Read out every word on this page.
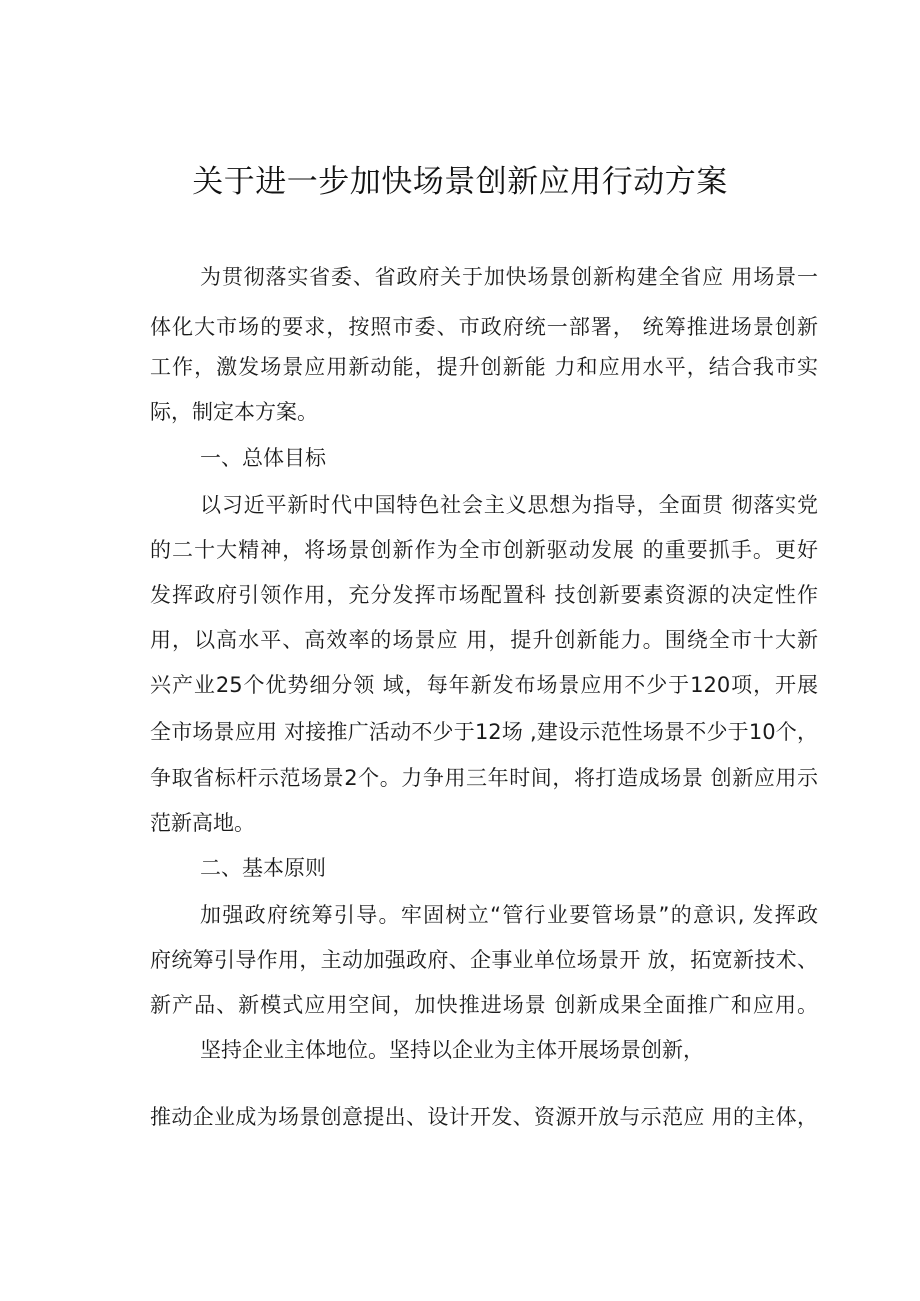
关于进一步加快场景创新应用行动方案
为贯彻落实省委、省政府关于加快场景创新构建全省应 用场景一
体化大市场的要求，按照市委、市政府统一部署， 统筹推进场景创新
工作，激发场景应用新动能，提升创新能 力和应用水平，结合我市实
际，制定本方案。
一、总体目标
以习近平新时代中国特色社会主义思想为指导，全面贯 彻落实党
的二十大精神，将场景创新作为全市创新驱动发展 的重要抓手。更好
发挥政府引领作用，充分发挥市场配置科 技创新要素资源的决定性作
用，以高水平、高效率的场景应 用，提升创新能力。围绕全市十大新
兴产业25个优势细分领 域，每年新发布场景应用不少于120项，开展
全市场景应用 对接推广活动不少于12场 ,建设示范性场景不少于10个，
争取省标杆示范场景2个。力争用三年时间，将打造成场景 创新应用示
范新高地。
二、基本原则
加强政府统筹引导。牢固树立“管行业要管场景”的意识, 发挥政
府统筹引导作用，主动加强政府、企事业单位场景开 放，拓宽新技术、
新产品、新模式应用空间，加快推进场景 创新成果全面推广和应用。
坚持企业主体地位。坚持以企业为主体开展场景创新，
推动企业成为场景创意提出、设计开发、资源开放与示范应 用的主体，
